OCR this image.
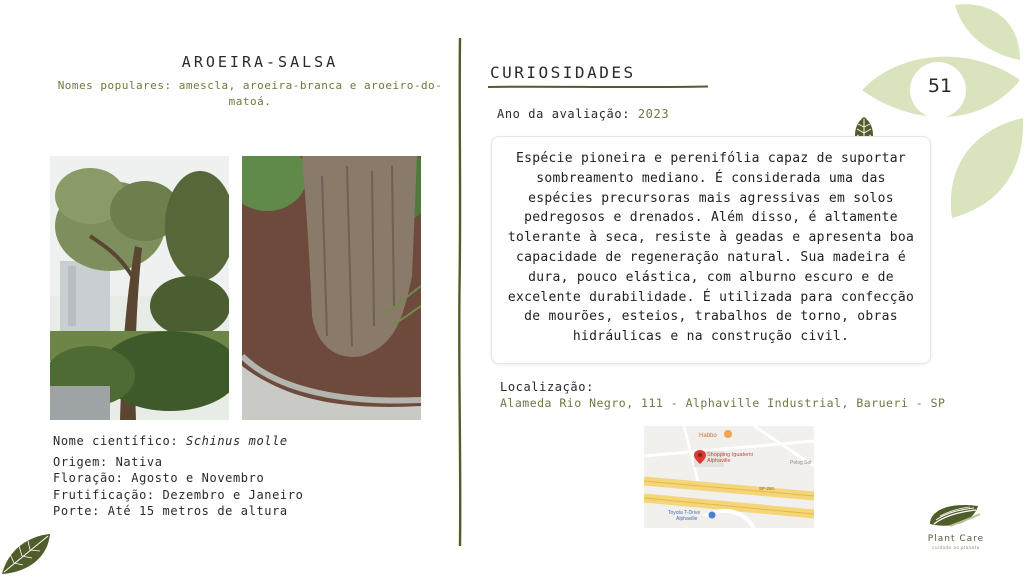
51
AROEIRA-SALSA
Nomes populares: amescla, aroeira-branca e aroeiro-do-matoá.
Nome científico: Schinus molle
Origem: Nativa
Floração: Agosto e Novembro
Frutificação: Dezembro e Janeiro
Porte: Até 15 metros de altura
CURIOSIDADES
Ano da avaliação: 2023
Espécie pioneira e perenifólia capaz de suportar sombreamento mediano. É considerada uma das espécies precursoras mais agressivas em solos pedregosos e drenados. Além disso, é altamente tolerante à seca, resiste à geadas e apresenta boa capacidade de regeneração natural. Sua madeira é dura, pouco elástica, com alburno escuro e de excelente durabilidade. É utilizada para confecção de mourões, esteios, trabalhos de torno, obras hidráulicas e na construção civil.
Localização:
Alameda Rio Negro, 111 - Alphaville Industrial, Barueri - SP
Habbo
Shopping Iguatemi
Alphaville	Pelog Sol
SP-280
Toyota T-Drive
Alphaville
Plant Care
cuidado ao planeta
